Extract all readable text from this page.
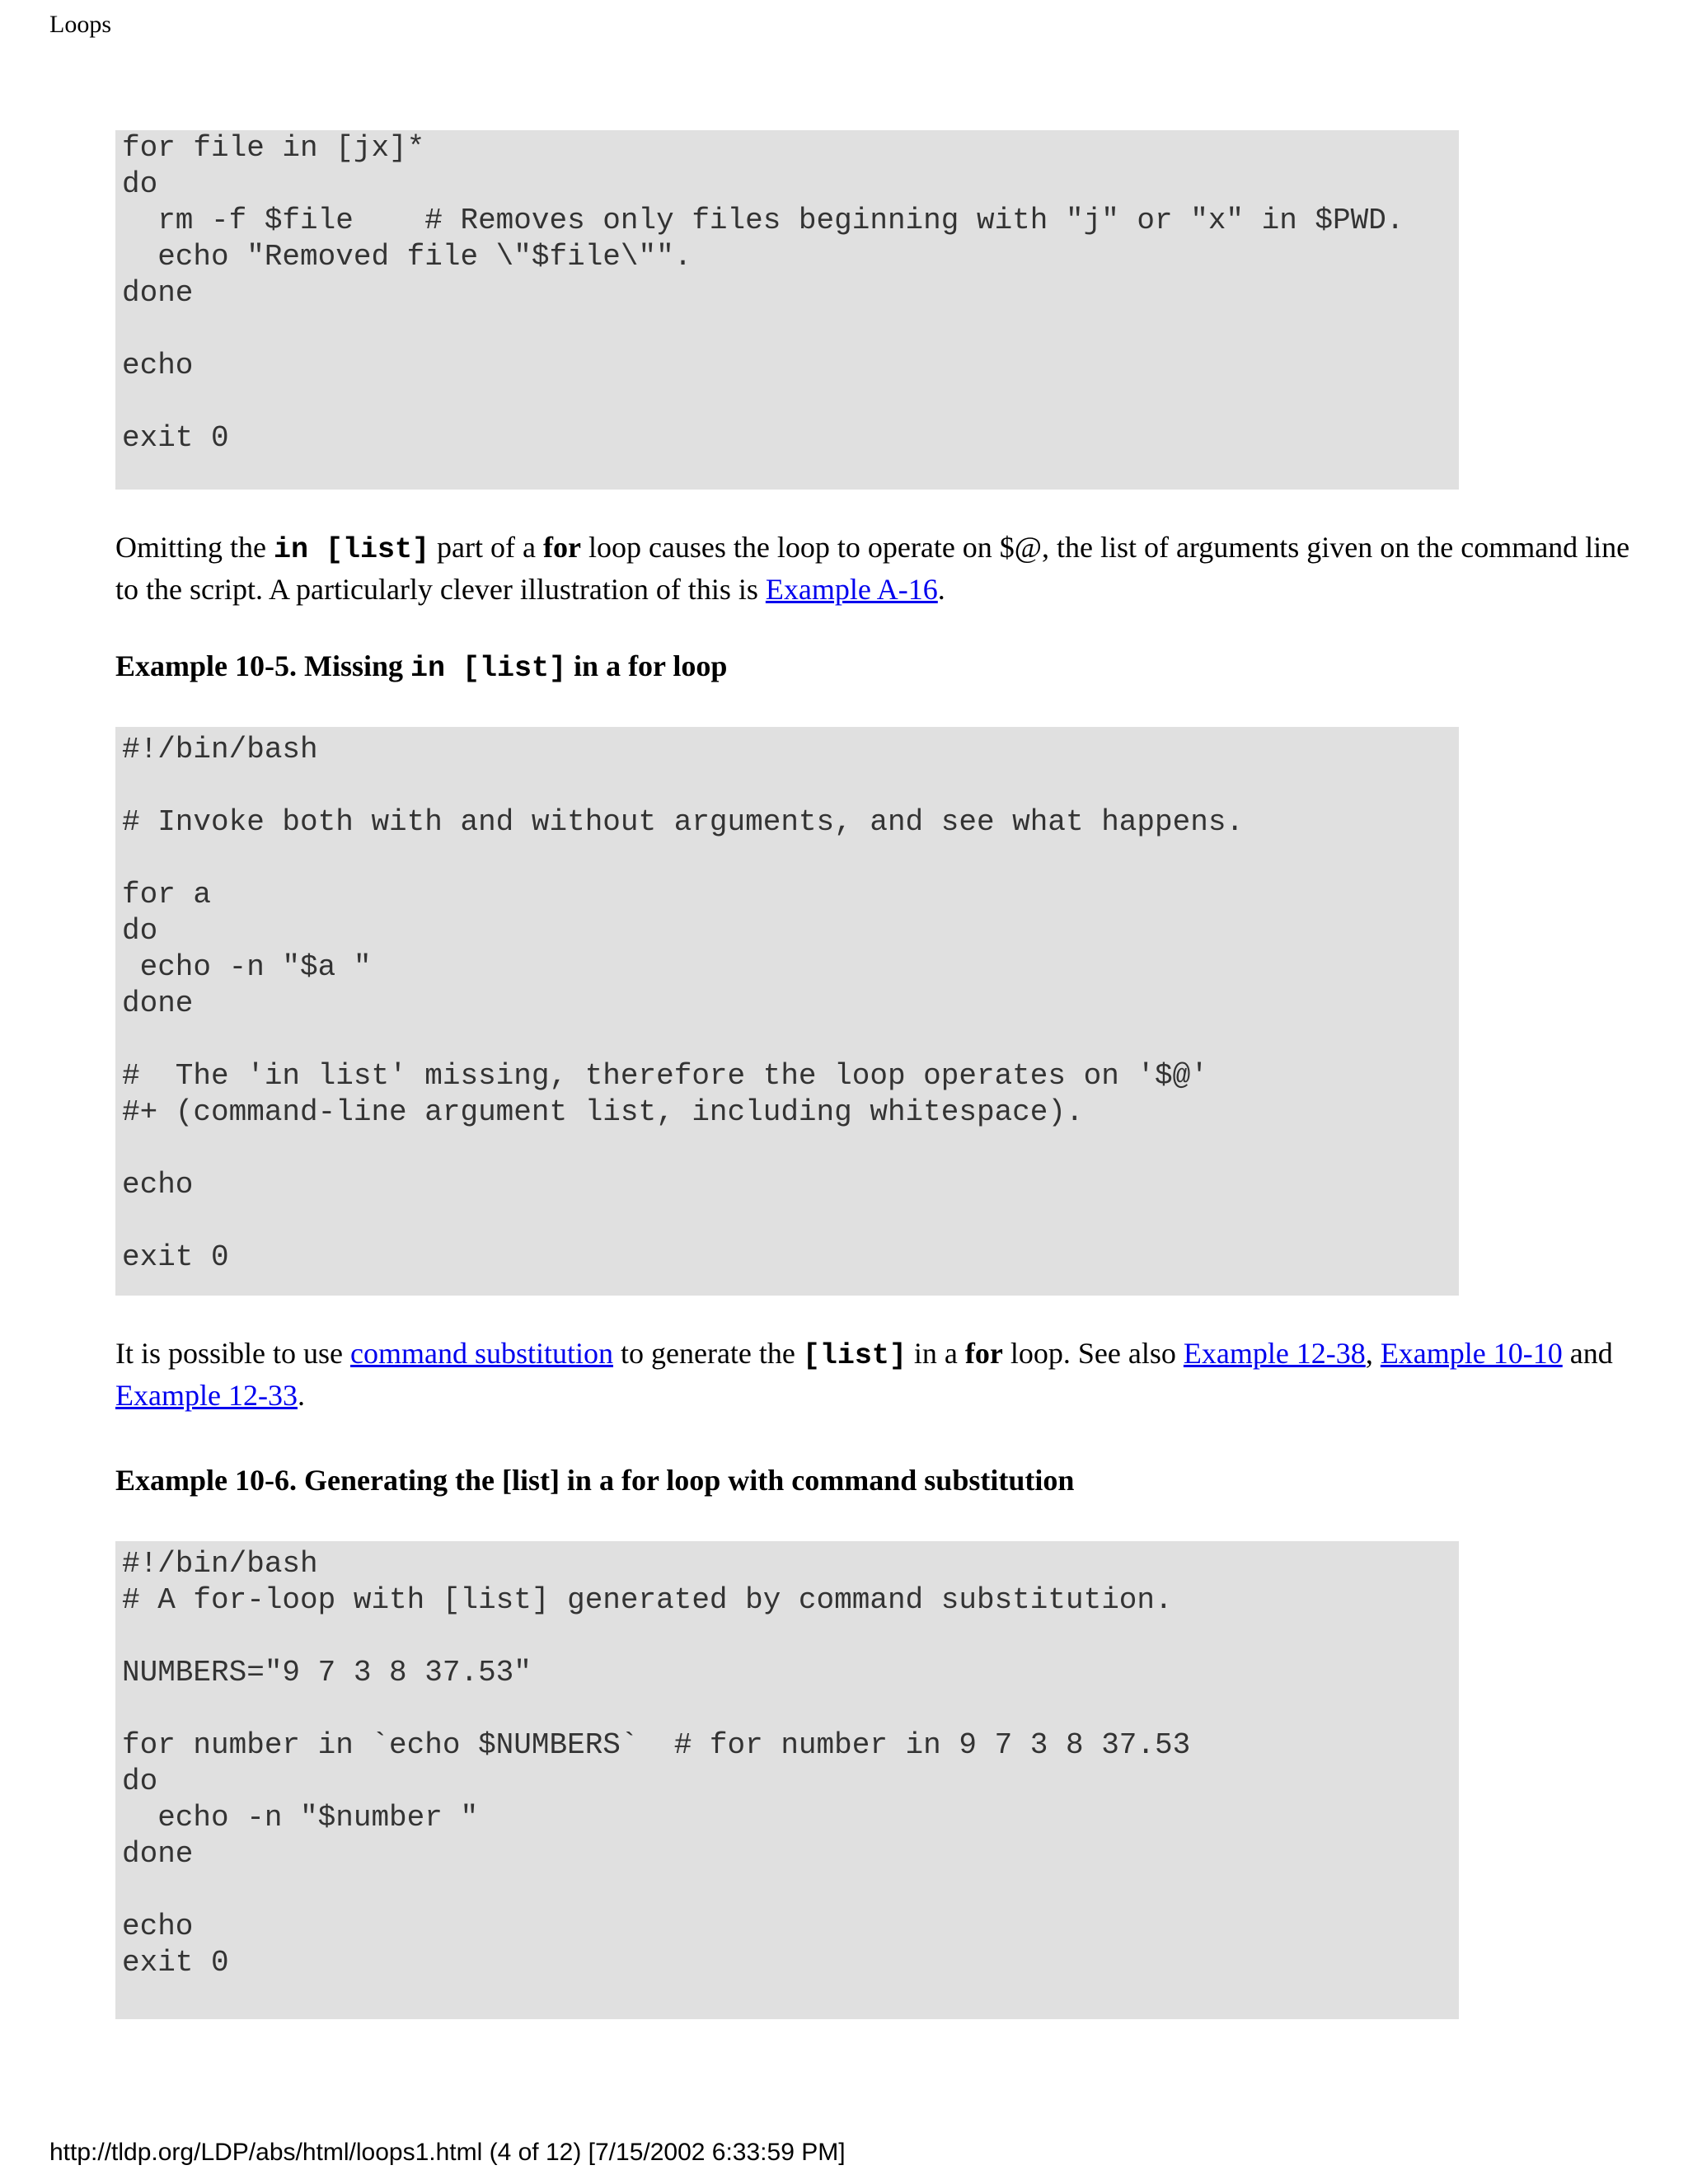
Loops
for file in [jx]*
do
rm -f $file    # Removes only files beginning with "j" or "x" in $PWD.
echo "Removed file \"$file\"".
done

echo

exit 0

Omitting the in [list] part of a for loop causes the loop to operate on $@, the list of arguments given on the command line to the script. A particularly clever illustration of this is Example A-16.

Example 10-5. Missing in [list] in a for loop

#!/bin/bash

# Invoke both with and without arguments, and see what happens.

for a
do
echo -n "$a "
done

#  The 'in list' missing, therefore the loop operates on '$@'
#+ (command-line argument list, including whitespace).

echo

exit 0

It is possible to use command substitution to generate the [list] in a for loop. See also Example 12-38, Example 10-10 and Example 12-33.

Example 10-6. Generating the [list] in a for loop with command substitution

#!/bin/bash
# A for-loop with [list] generated by command substitution.

NUMBERS="9 7 3 8 37.53"

for number in `echo $NUMBERS`  # for number in 9 7 3 8 37.53
do
echo -n "$number "
done

echo
exit 0
http://tldp.org/LDP/abs/html/loops1.html (4 of 12) [7/15/2002 6:33:59 PM]
